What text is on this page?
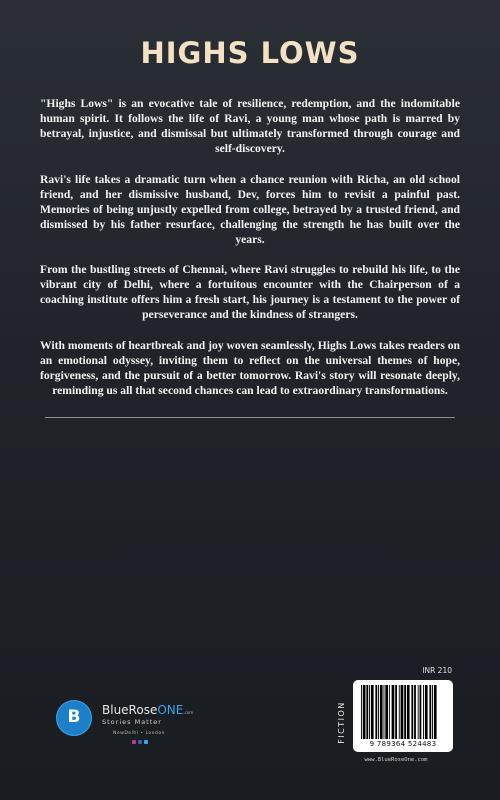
HIGHS LOWS

"Highs Lows" is an evocative tale of resilience, redemption, and the indomitable human spirit. It follows the life of Ravi, a young man whose path is marred by betrayal, injustice, and dismissal but ultimately transformed through courage and self-discovery.

Ravi's life takes a dramatic turn when a chance reunion with Richa, an old school friend, and her dismissive husband, Dev, forces him to revisit a painful past. Memories of being unjustly expelled from college, betrayed by a trusted friend, and dismissed by his father resurface, challenging the strength he has built over the years.

From the bustling streets of Chennai, where Ravi struggles to rebuild his life, to the vibrant city of Delhi, where a fortuitous encounter with the Chairperson of a coaching institute offers him a fresh start, his journey is a testament to the power of perseverance and the kindness of strangers.

With moments of heartbreak and joy woven seamlessly, Highs Lows takes readers on an emotional odyssey, inviting them to reflect on the universal themes of hope, forgiveness, and the pursuit of a better tomorrow. Ravi's story will resonate deeply, reminding us all that second chances can lead to extraordinary transformations.

B	BlueRoseONE.com
Stories Matter
NewDelhi • London
INR 210
FICTION
9 789364 524483
www.BlueRoseOne.com
